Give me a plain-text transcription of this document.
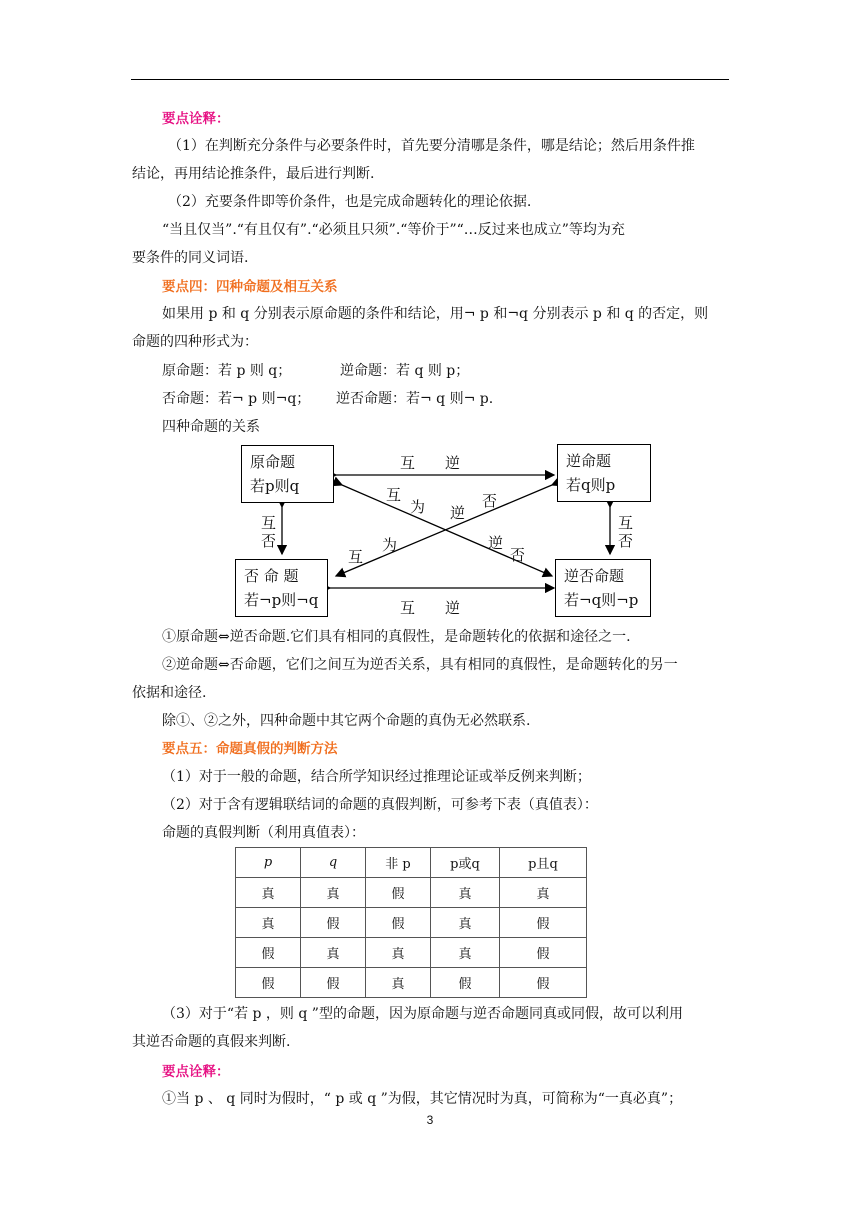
要点诠释：
（1）在判断充分条件与必要条件时，首先要分清哪是条件，哪是结论；然后用条件推
结论，再用结论推条件，最后进行判断.
（2）充要条件即等价条件，也是完成命题转化的理论依据.
“当且仅当”.“有且仅有”.“必须且只须”.“等价于”“…反过来也成立”等均为充
要条件的同义词语.
要点四：四种命题及相互关系
如果用 p 和 q 分别表示原命题的条件和结论，用¬ p 和¬q 分别表示 p 和 q 的否定，则
命题的四种形式为：
原命题：若 p 则 q；	逆命题：若 q 则 p；
否命题：若¬ p 则¬q； 逆否命题：若¬ q 则¬ p.
四种命题的关系
原命题
若p则q
逆命题
若q则p
否 命 题
若¬p则¬q
逆否命题
若¬q则¬p
互　　逆
互　　逆
互
否
互
否
互
为 逆
否
互
为	逆
否
①原命题⇔逆否命题.它们具有相同的真假性，是命题转化的依据和途径之一.
②逆命题⇔否命题，它们之间互为逆否关系，具有相同的真假性，是命题转化的另一
依据和途径.
除①、②之外，四种命题中其它两个命题的真伪无必然联系.
要点五：命题真假的判断方法
（1）对于一般的命题，结合所学知识经过推理论证或举反例来判断；
（2）对于含有逻辑联结词的命题的真假判断，可参考下表（真值表）：
命题的真假判断（利用真值表）：
p	q	非 p	p或q	p且q
真	真	假	真	真
真	假	假	真	假
假	真	真	真	假
假	假	真	假	假
（3）对于“若 p ，则 q ”型的命题，因为原命题与逆否命题同真或同假，故可以利用
其逆否命题的真假来判断.
要点诠释：
①当 p 、 q 同时为假时，“ p 或 q ”为假，其它情况时为真，可简称为“一真必真”；
3
